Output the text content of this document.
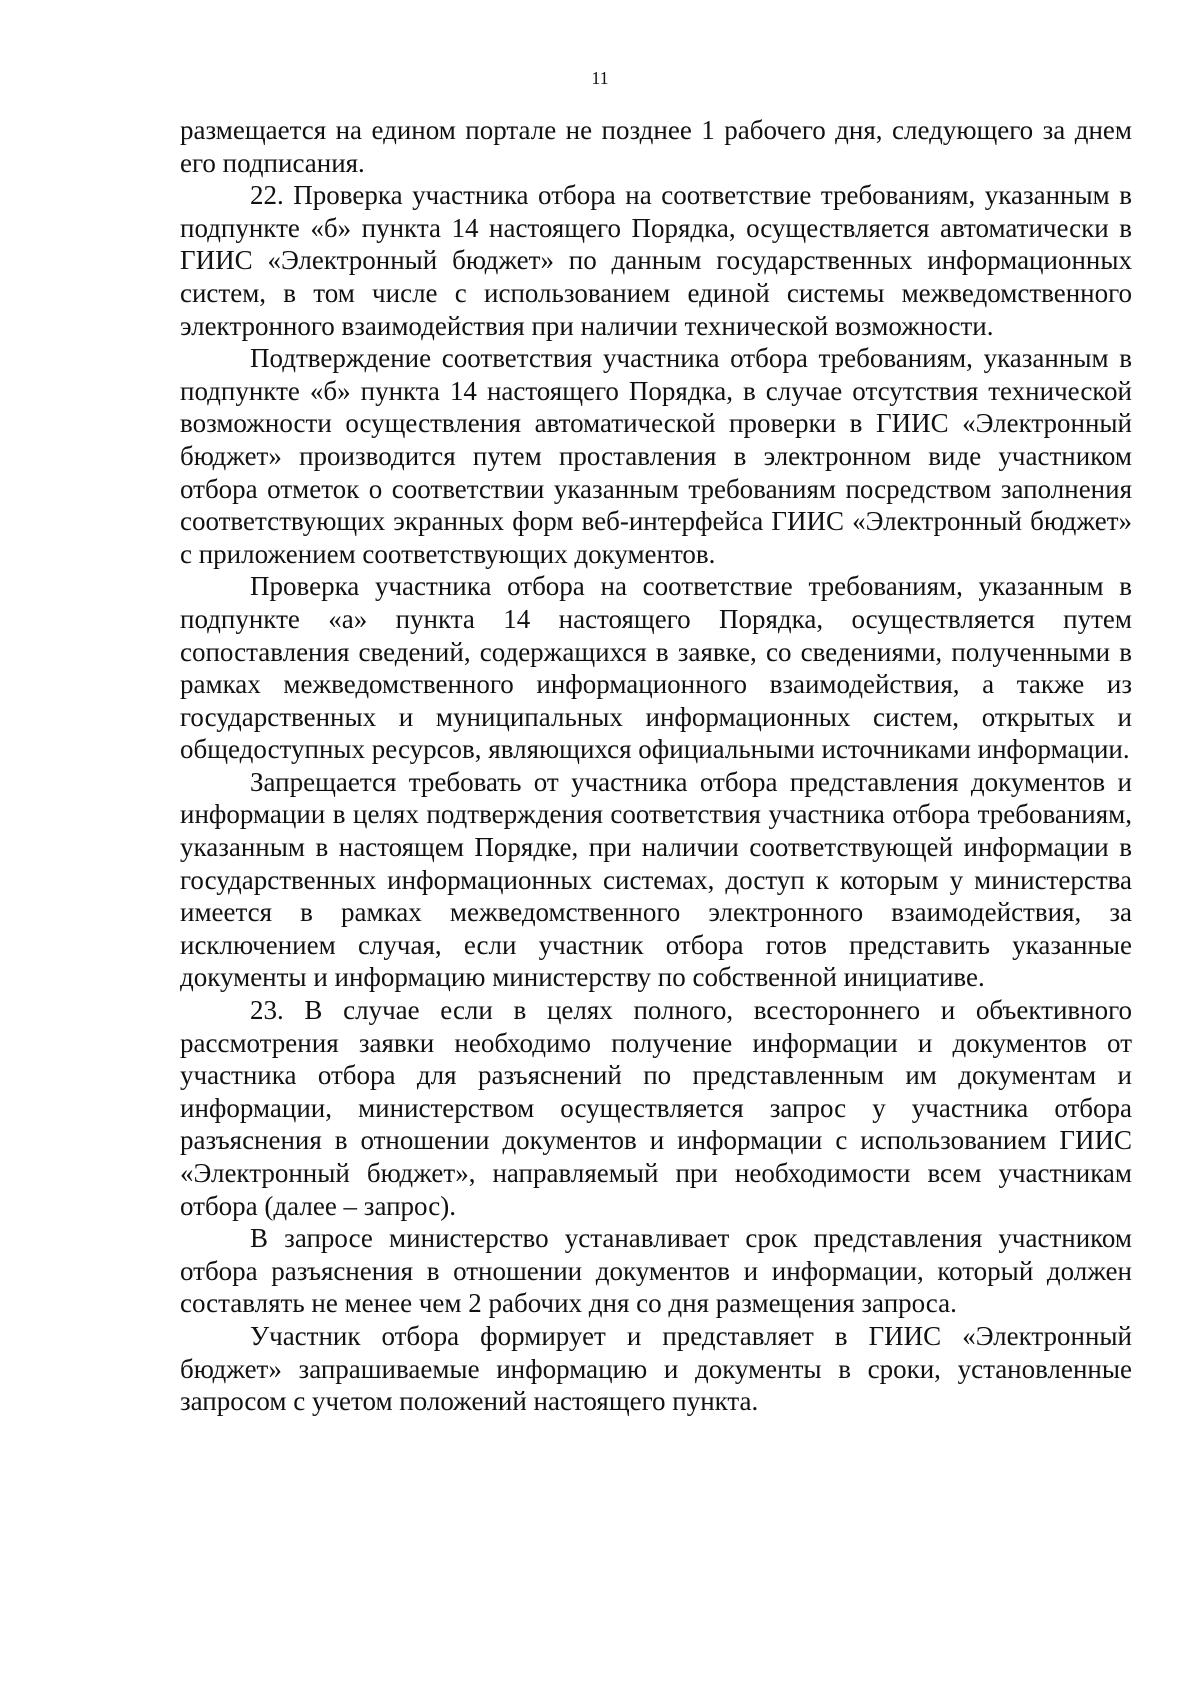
11

размещается на едином портале не позднее 1 рабочего дня, следующего за днем его подписания.

22. Проверка участника отбора на соответствие требованиям, указанным в подпункте «б» пункта 14 настоящего Порядка, осуществляется автоматически в ГИИС «Электронный бюджет» по данным государственных информационных систем, в том числе с использованием единой системы межведомственного электронного взаимодействия при наличии технической возможности.

Подтверждение соответствия участника отбора требованиям, указанным в подпункте «б» пункта 14 настоящего Порядка, в случае отсутствия технической возможности осуществления автоматической проверки в ГИИС «Электронный бюджет» производится путем проставления в электронном виде участником отбора отметок о соответствии указанным требованиям посредством заполнения соответствующих экранных форм веб-интерфейса ГИИС «Электронный бюджет» с приложением соответствующих документов.

Проверка участника отбора на соответствие требованиям, указанным в подпункте «а» пункта 14 настоящего Порядка, осуществляется путем сопоставления сведений, содержащихся в заявке, со сведениями, полученными в рамках межведомственного информационного взаимодействия, а также из государственных и муниципальных информационных систем, открытых и общедоступных ресурсов, являющихся официальными источниками информации.

Запрещается требовать от участника отбора представления документов и информации в целях подтверждения соответствия участника отбора требованиям, указанным в настоящем Порядке, при наличии соответствующей информации в государственных информационных системах, доступ к которым у министерства имеется в рамках межведомственного электронного взаимодействия, за исключением случая, если участник отбора готов представить указанные документы и информацию министерству по собственной инициативе.

23. В случае если в целях полного, всестороннего и объективного рассмотрения заявки необходимо получение информации и документов от участника отбора для разъяснений по представленным им документам и информации, министерством осуществляется запрос у участника отбора разъяснения в отношении документов и информации с использованием ГИИС «Электронный бюджет», направляемый при необходимости всем участникам отбора (далее – запрос).

В запросе министерство устанавливает срок представления участником отбора разъяснения в отношении документов и информации, который должен составлять не менее чем 2 рабочих дня со дня размещения запроса.

Участник отбора формирует и представляет в ГИИС «Электронный бюджет» запрашиваемые информацию и документы в сроки, установленные запросом с учетом положений настоящего пункта.
